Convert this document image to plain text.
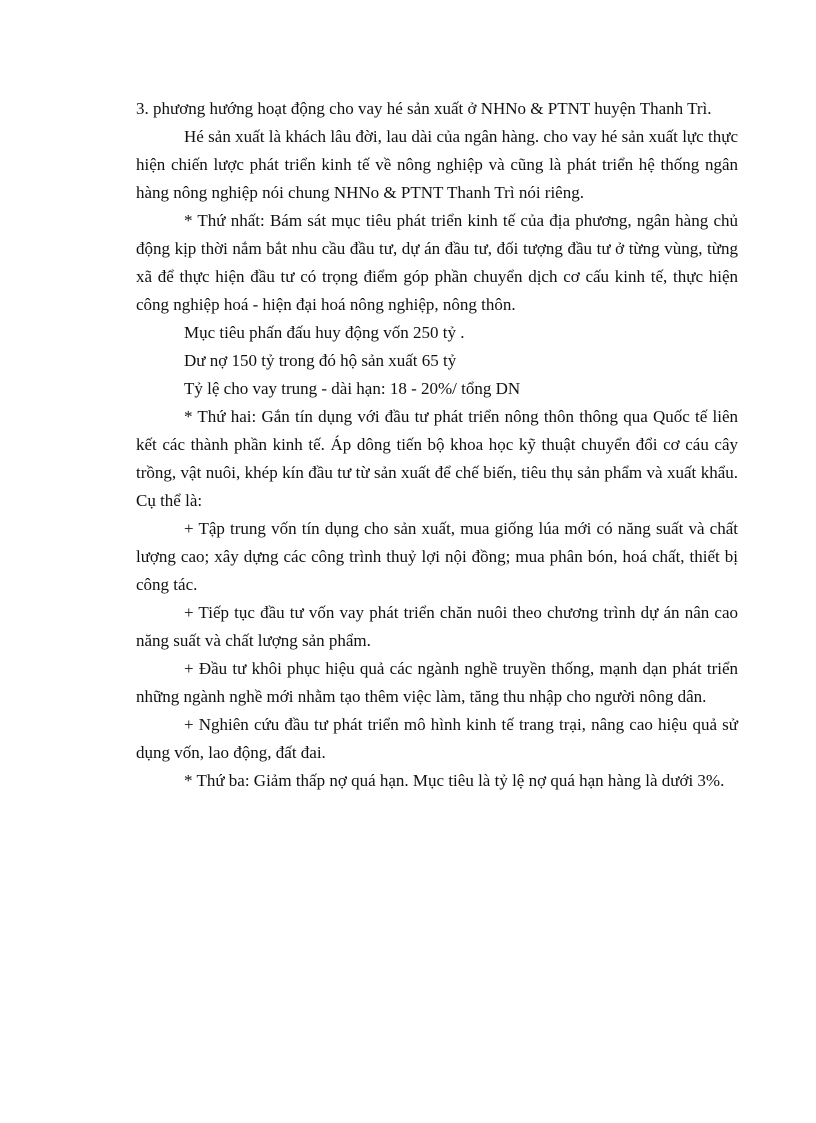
3. phương hướng hoạt động cho vay hé sản xuất ở NHNo & PTNT huyện Thanh Trì.

Hé sản xuất là khách lâu đời, lau dài của ngân hàng. cho vay hé sản xuất lực thực hiện chiến lược phát triển kinh tế về nông nghiệp và cũng là phát triển hệ thống ngân hàng nông nghiệp nói chung NHNo & PTNT Thanh Trì nói riêng.

* Thứ nhất: Bám sát mục tiêu phát triển kinh tế của địa phương, ngân hàng chủ động kịp thời nắm bắt nhu cầu đầu tư, dự án đầu tư, đối tượng đầu tư ở từng vùng, từng xã để thực hiện đầu tư có trọng điểm góp phần chuyển dịch cơ cấu kinh tế, thực hiện công nghiệp hoá - hiện đại hoá nông nghiệp, nông thôn.

Mục tiêu phấn đấu huy động vốn 250 tỷ .

Dư nợ 150 tỷ trong đó hộ sản xuất 65 tỷ

Tỷ lệ cho vay trung - dài hạn: 18 - 20%/ tổng DN

* Thứ hai: Gắn tín dụng với đầu tư phát triển nông thôn thông qua Quốc tế liên kết các thành phần kinh tế. Áp dông tiến bộ khoa học kỹ thuật chuyển đổi cơ cáu cây trồng, vật nuôi, khép kín đầu tư từ sản xuất để chế biến, tiêu thụ sản phẩm và xuất khẩu. Cụ thể là:

+ Tập trung vốn tín dụng cho sản xuất, mua giống lúa mới có năng suất và chất lượng cao; xây dựng các công trình thuỷ lợi nội đồng; mua phân bón, hoá chất, thiết bị công tác.

+ Tiếp tục đầu tư vốn vay phát triển chăn nuôi theo chương trình dự án nân cao năng suất và chất lượng sản phẩm.

+ Đầu tư khôi phục hiệu quả các ngành nghề truyền thống, mạnh dạn phát triển những ngành nghề mới nhằm tạo thêm việc làm, tăng thu nhập cho người nông dân.

+ Nghiên cứu đầu tư phát triển mô hình kinh tế trang trại, nâng cao hiệu quả sử dụng vốn, lao động, đất đai.

* Thứ ba: Giảm thấp nợ quá hạn. Mục tiêu là tỷ lệ nợ quá hạn hàng là dưới 3%.
